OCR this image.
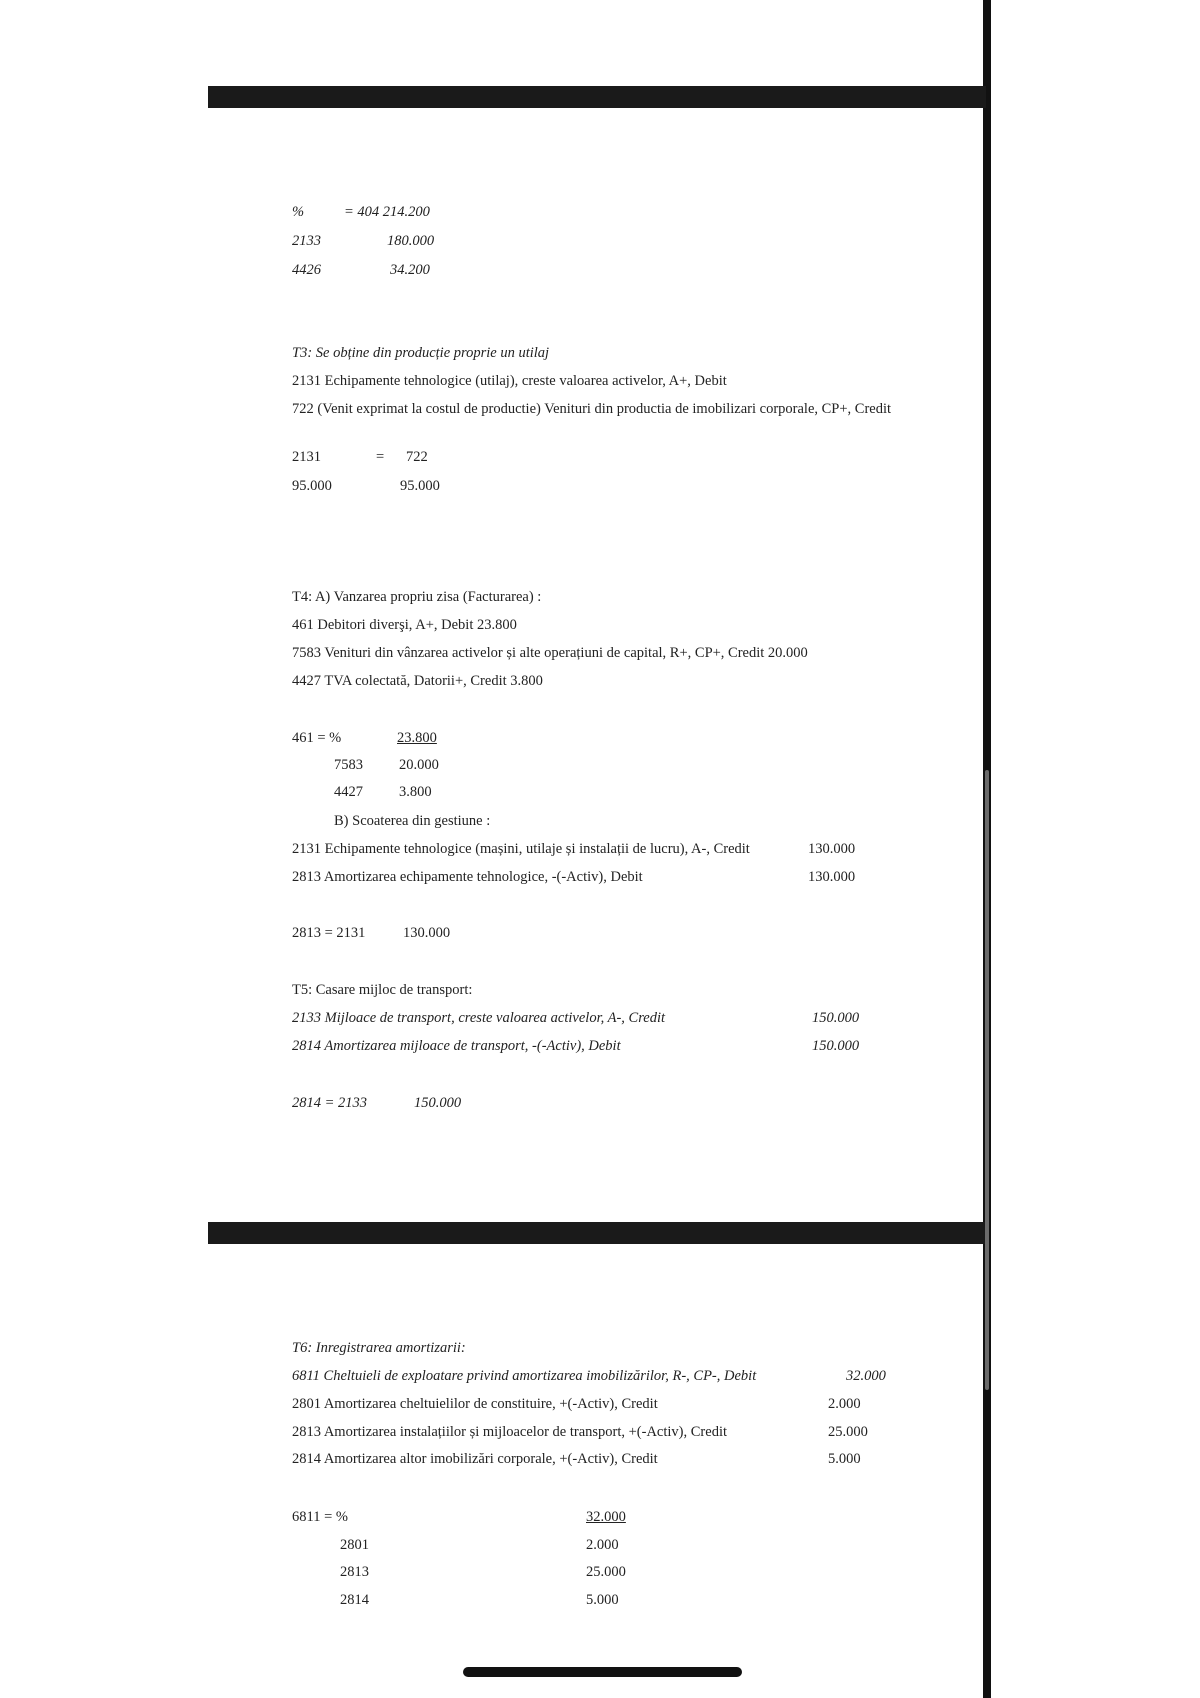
%	= 404 214.200
2133	180.000
4426	34.200
T3: Se obține din producție proprie un utilaj
2131 Echipamente tehnologice (utilaj), creste valoarea activelor, A+, Debit
722 (Venit exprimat la costul de productie) Venituri din productia de imobilizari corporale, CP+, Credit
2131	= 722
95.000	95.000
T4: A) Vanzarea propriu zisa (Facturarea) :
461 Debitori diverşi, A+, Debit 23.800
7583 Venituri din vânzarea activelor și alte operațiuni de capital, R+, CP+, Credit 20.000
4427 TVA colectată, Datorii+, Credit 3.800
461 = %	23.800
7583 20.000
4427 3.800
B) Scoaterea din gestiune :
2131 Echipamente tehnologice (mașini, utilaje și instalații de lucru), A-, Credit	130.000
2813 Amortizarea echipamente tehnologice, -(-Activ), Debit	130.000
2813 = 2131	130.000
T5: Casare mijloc de transport:
2133 Mijloace de transport, creste valoarea activelor, A-, Credit	150.000
2814 Amortizarea mijloace de transport, -(-Activ), Debit	150.000
2814 = 2133	150.000
T6: Inregistrarea amortizarii:
6811 Cheltuieli de exploatare privind amortizarea imobilizărilor, R-, CP-, Debit	32.000
2801 Amortizarea cheltuielilor de constituire, +(-Activ), Credit	2.000
2813 Amortizarea instalațiilor și mijloacelor de transport, +(-Activ), Credit	25.000
2814 Amortizarea altor imobilizări corporale, +(-Activ), Credit	5.000
6811 = %	32.000
2801	2.000
2813	25.000
2814	5.000
